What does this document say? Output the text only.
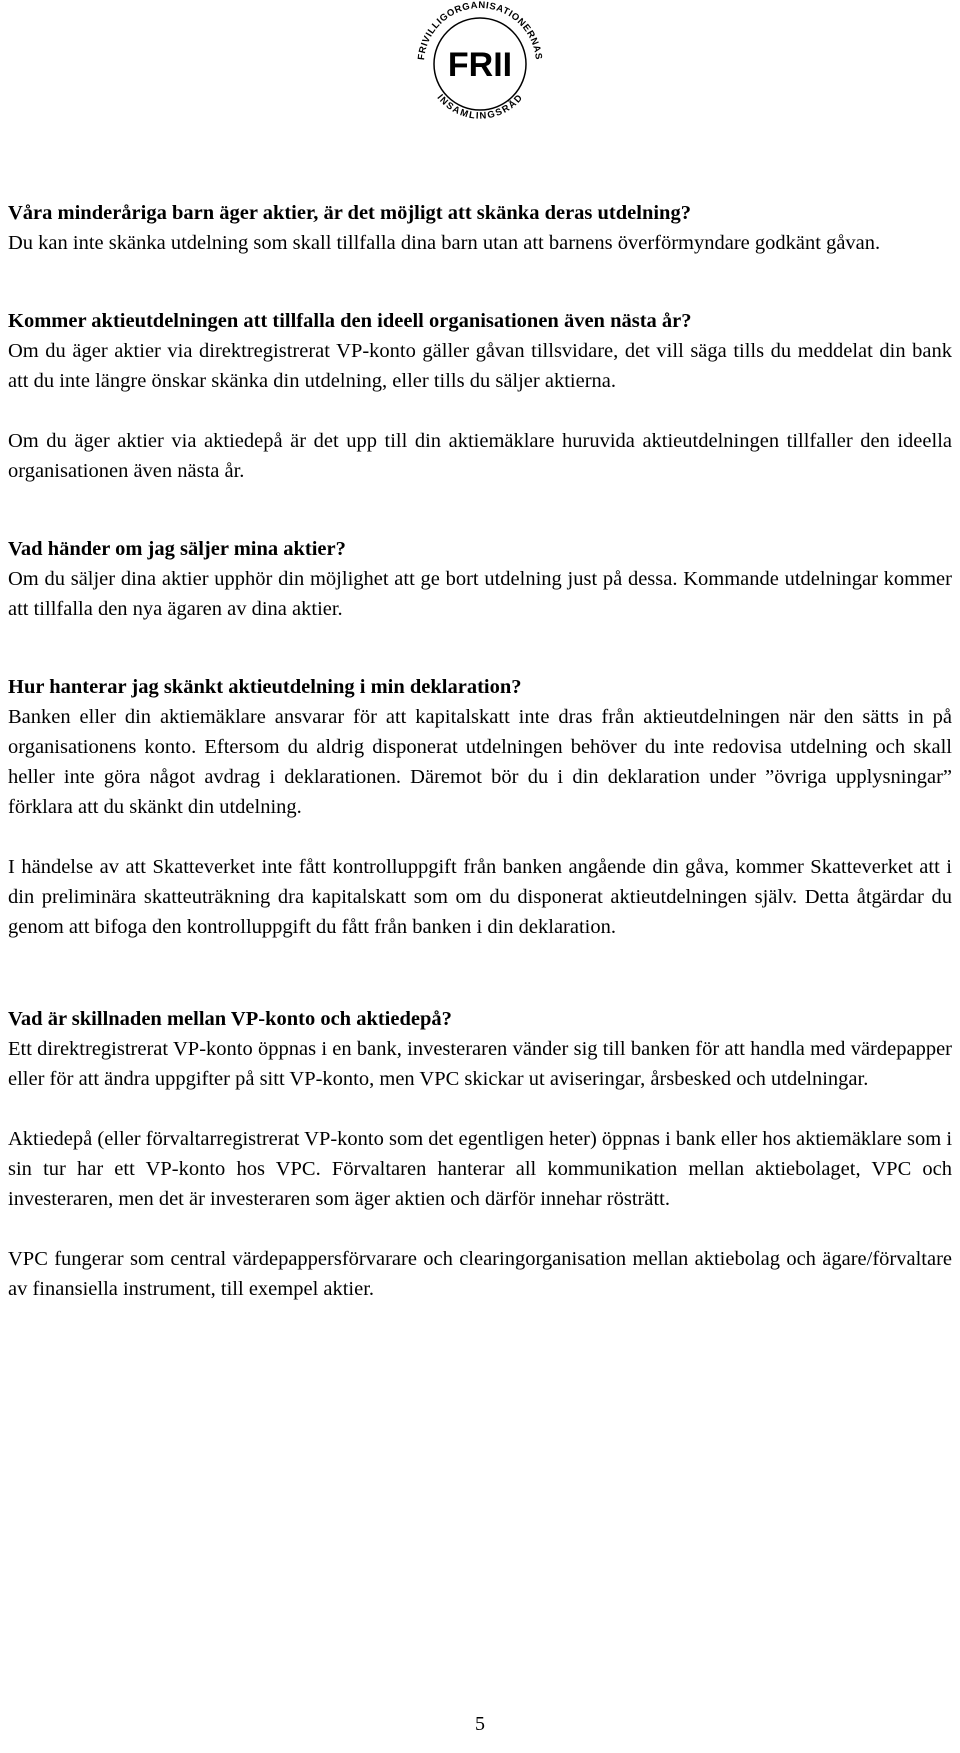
FRIVILLIGORGANISATIONERNAS
INSAMLINGSRÅD
FRII
Våra minderåriga barn äger aktier, är det möjligt att skänka deras utdelning?

Du kan inte skänka utdelning som skall tillfalla dina barn utan att barnens överförmyndare godkänt gåvan.

Kommer aktieutdelningen att tillfalla den ideell organisationen även nästa år?

Om du äger aktier via direktregistrerat VP-konto gäller gåvan tillsvidare, det vill säga tills du meddelat din bank att du inte längre önskar skänka din utdelning, eller tills du säljer aktierna.

Om du äger aktier via aktiedepå är det upp till din aktiemäklare huruvida aktieutdelningen tillfaller den ideella organisationen även nästa år.

Vad händer om jag säljer mina aktier?

Om du säljer dina aktier upphör din möjlighet att ge bort utdelning just på dessa. Kommande utdelningar kommer att tillfalla den nya ägaren av dina aktier.

Hur hanterar jag skänkt aktieutdelning i min deklaration?

Banken eller din aktiemäklare ansvarar för att kapitalskatt inte dras från aktieutdelningen när den sätts in på organisationens konto. Eftersom du aldrig disponerat utdelningen behöver du inte redovisa utdelning och skall heller inte göra något avdrag i deklarationen. Däremot bör du i din deklaration under ”övriga upplysningar” förklara att du skänkt din utdelning.

I händelse av att Skatteverket inte fått kontrolluppgift från banken angående din gåva, kommer Skatteverket att i din preliminära skatteuträkning dra kapitalskatt som om du disponerat aktieutdelningen själv. Detta åtgärdar du genom att bifoga den kontrolluppgift du fått från banken i din deklaration.

Vad är skillnaden mellan VP-konto och aktiedepå?

Ett direktregistrerat VP-konto öppnas i en bank, investeraren vänder sig till banken för att handla med värdepapper eller för att ändra uppgifter på sitt VP-konto, men VPC skickar ut aviseringar, årsbesked och utdelningar.

Aktiedepå (eller förvaltarregistrerat VP-konto som det egentligen heter) öppnas i bank eller hos aktiemäklare som i sin tur har ett VP-konto hos VPC. Förvaltaren hanterar all kommunikation mellan aktiebolaget, VPC och investeraren, men det är investeraren som äger aktien och därför innehar rösträtt.

VPC fungerar som central värdepappersförvarare och clearingorganisation mellan aktiebolag och ägare/förvaltare av finansiella instrument, till exempel aktier.

5
